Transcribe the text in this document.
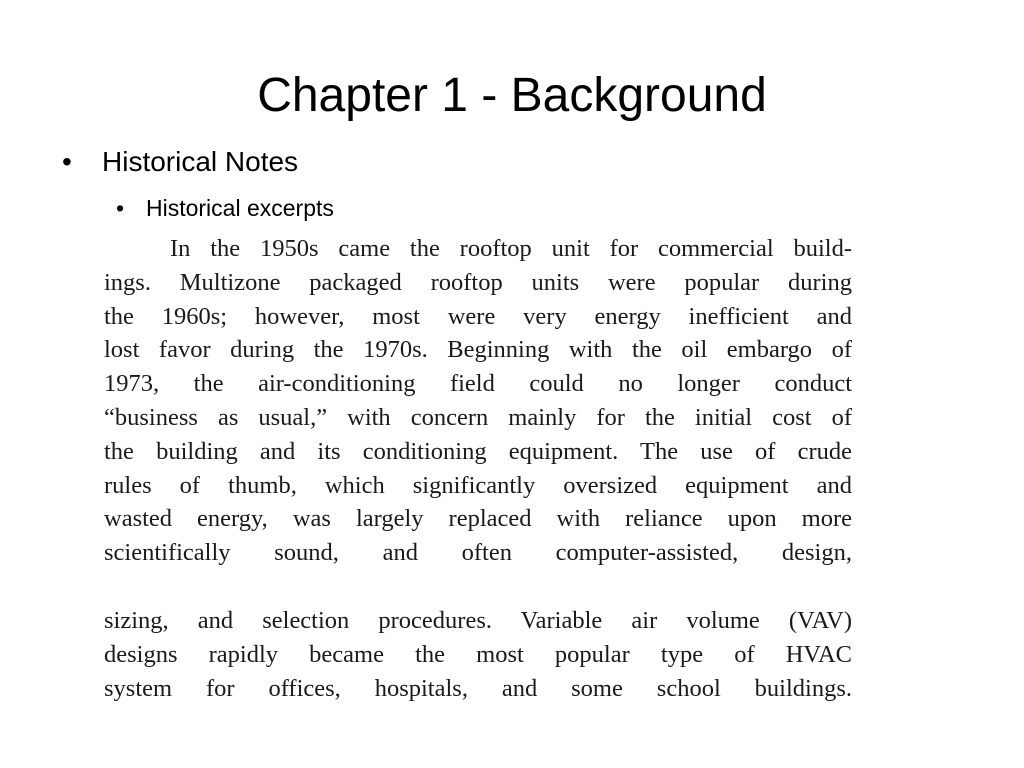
Chapter 1 - Background
• Historical Notes
• Historical excerpts
In the 1950s came the rooftop unit for commercial build-
ings. Multizone packaged rooftop units were popular during
the 1960s; however, most were very energy inefficient and
lost favor during the 1970s. Beginning with the oil embargo of
1973, the air-conditioning field could no longer conduct
“business as usual,” with concern mainly for the initial cost of
the building and its conditioning equipment. The use of crude
rules of thumb, which significantly oversized equipment and
wasted energy, was largely replaced with reliance upon more
scientifically sound, and often computer-assisted, design,
sizing, and selection procedures. Variable air volume (VAV)
designs rapidly became the most popular type of HVAC
system for offices, hospitals, and some school buildings.
